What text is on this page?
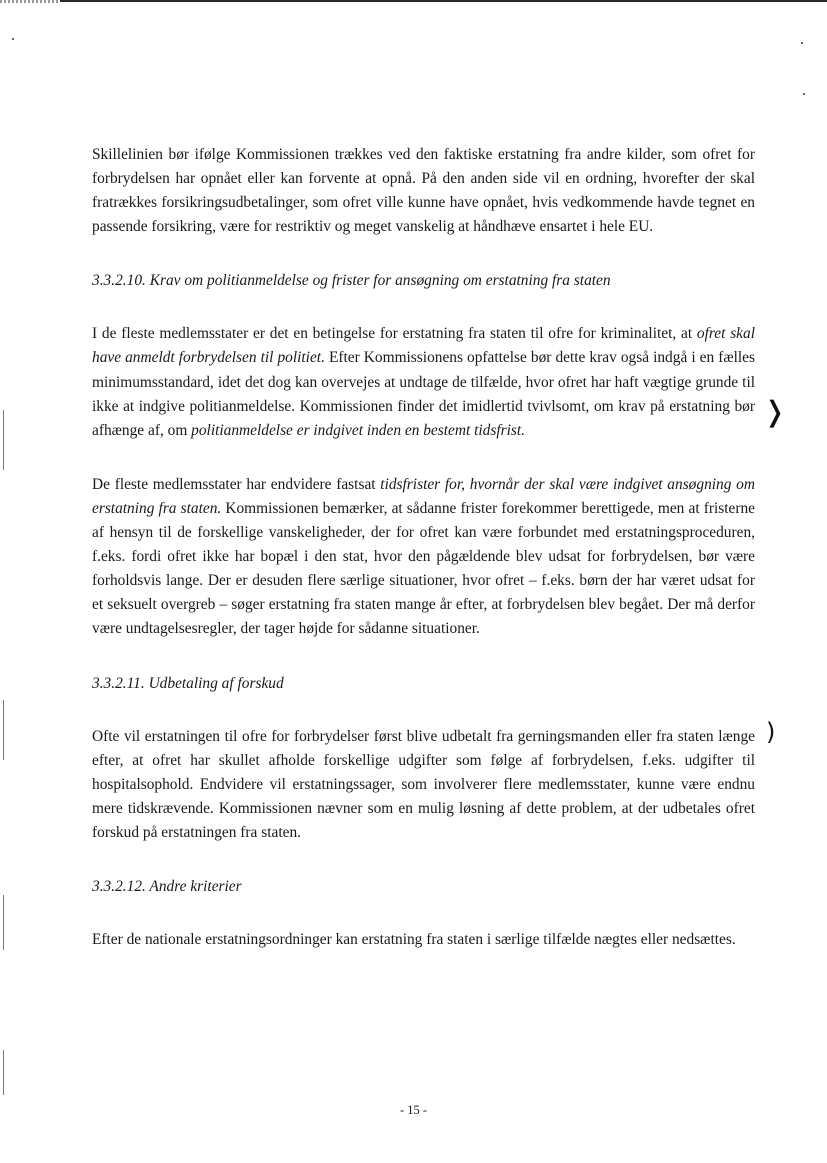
❭
)

Skillelinien bør ifølge Kommissionen trækkes ved den faktiske erstatning fra andre kilder, som ofret for forbrydelsen har opnået eller kan forvente at opnå. På den anden side vil en ordning, hvorefter der skal fratrækkes forsikringsudbetalinger, som ofret ville kunne have opnået, hvis vedkommende havde tegnet en passende forsikring, være for restriktiv og meget vanskelig at håndhæve ensartet i hele EU.

3.3.2.10. Krav om politianmeldelse og frister for ansøgning om erstatning fra staten

I de fleste medlemsstater er det en betingelse for erstatning fra staten til ofre for kriminalitet, at ofret skal have anmeldt forbrydelsen til politiet. Efter Kommissionens opfattelse bør dette krav også indgå i en fælles minimumsstandard, idet det dog kan overvejes at undtage de tilfælde, hvor ofret har haft vægtige grunde til ikke at indgive politianmeldelse. Kommissionen finder det imidlertid tvivlsomt, om krav på erstatning bør afhænge af, om politianmeldelse er indgivet inden en bestemt tidsfrist.

De fleste medlemsstater har endvidere fastsat tidsfrister for, hvornår der skal være indgivet ansøgning om erstatning fra staten. Kommissionen bemærker, at sådanne frister forekommer berettigede, men at fristerne af hensyn til de forskellige vanskeligheder, der for ofret kan være forbundet med erstatningsproceduren, f.eks. fordi ofret ikke har bopæl i den stat, hvor den pågældende blev udsat for forbrydelsen, bør være forholdsvis lange. Der er desuden flere særlige situationer, hvor ofret – f.eks. børn der har været udsat for et seksuelt overgreb – søger erstatning fra staten mange år efter, at forbrydelsen blev begået. Der må derfor være undtagelsesregler, der tager højde for sådanne situationer.

3.3.2.11. Udbetaling af forskud

Ofte vil erstatningen til ofre for forbrydelser først blive udbetalt fra gerningsmanden eller fra staten længe efter, at ofret har skullet afholde forskellige udgifter som følge af forbrydelsen, f.eks. udgifter til hospitalsophold. Endvidere vil erstatningssager, som involverer flere medlemsstater, kunne være endnu mere tidskrævende. Kommissionen nævner som en mulig løsning af dette problem, at der udbetales ofret forskud på erstatningen fra staten.

3.3.2.12. Andre kriterier

Efter de nationale erstatningsordninger kan erstatning fra staten i særlige tilfælde nægtes eller nedsættes.

- 15 -
